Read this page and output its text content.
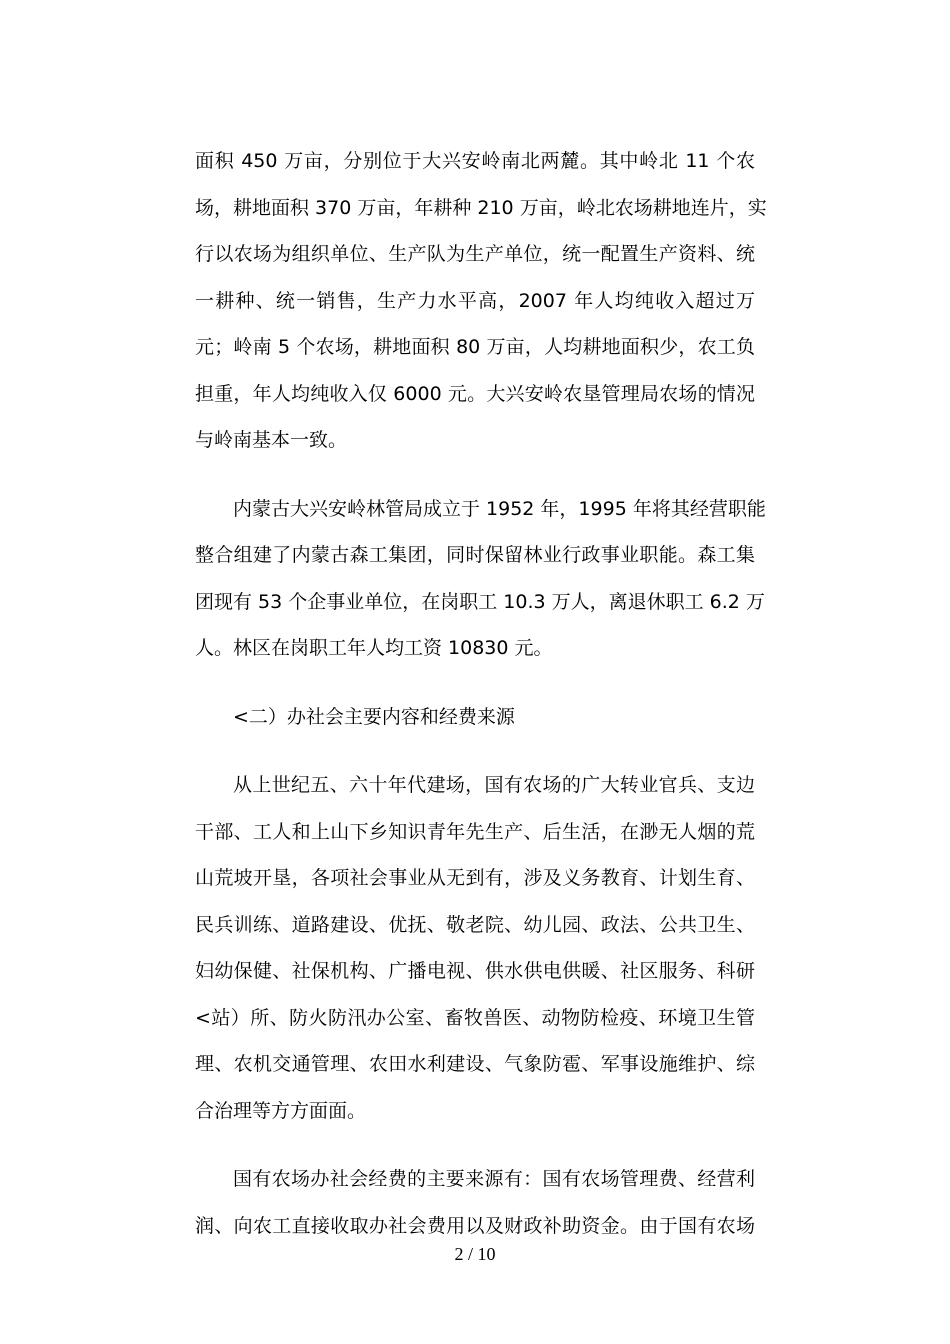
面积 450 万亩，分别位于大兴安岭南北两麓。其中岭北 11 个农
场，耕地面积 370 万亩，年耕种 210 万亩，岭北农场耕地连片，实
行以农场为组织单位、生产队为生产单位，统一配置生产资料、统
一耕种、统一销售，生产力水平高，2007 年人均纯收入超过万
元；岭南 5 个农场，耕地面积 80 万亩，人均耕地面积少，农工负
担重，年人均纯收入仅 6000 元。大兴安岭农垦管理局农场的情况
与岭南基本一致。

内蒙古大兴安岭林管局成立于 1952 年，1995 年将其经营职能
整合组建了内蒙古森工集团，同时保留林业行政事业职能。森工集
团现有 53 个企事业单位，在岗职工 10.3 万人，离退休职工 6.2 万
人。林区在岗职工年人均工资 10830 元。

<二）办社会主要内容和经费来源

从上世纪五、六十年代建场，国有农场的广大转业官兵、支边
干部、工人和上山下乡知识青年先生产、后生活，在渺无人烟的荒
山荒坡开垦，各项社会事业从无到有，涉及义务教育、计划生育、
民兵训练、道路建设、优抚、敬老院、幼儿园、政法、公共卫生、
妇幼保健、社保机构、广播电视、供水供电供暖、社区服务、科研
<站）所、防火防汛办公室、畜牧兽医、动物防检疫、环境卫生管
理、农机交通管理、农田水利建设、气象防雹、军事设施维护、综
合治理等方方面面。

国有农场办社会经费的主要来源有：国有农场管理费、经营利
润、向农工直接收取办社会费用以及财政补助资金。由于国有农场

2 / 10
